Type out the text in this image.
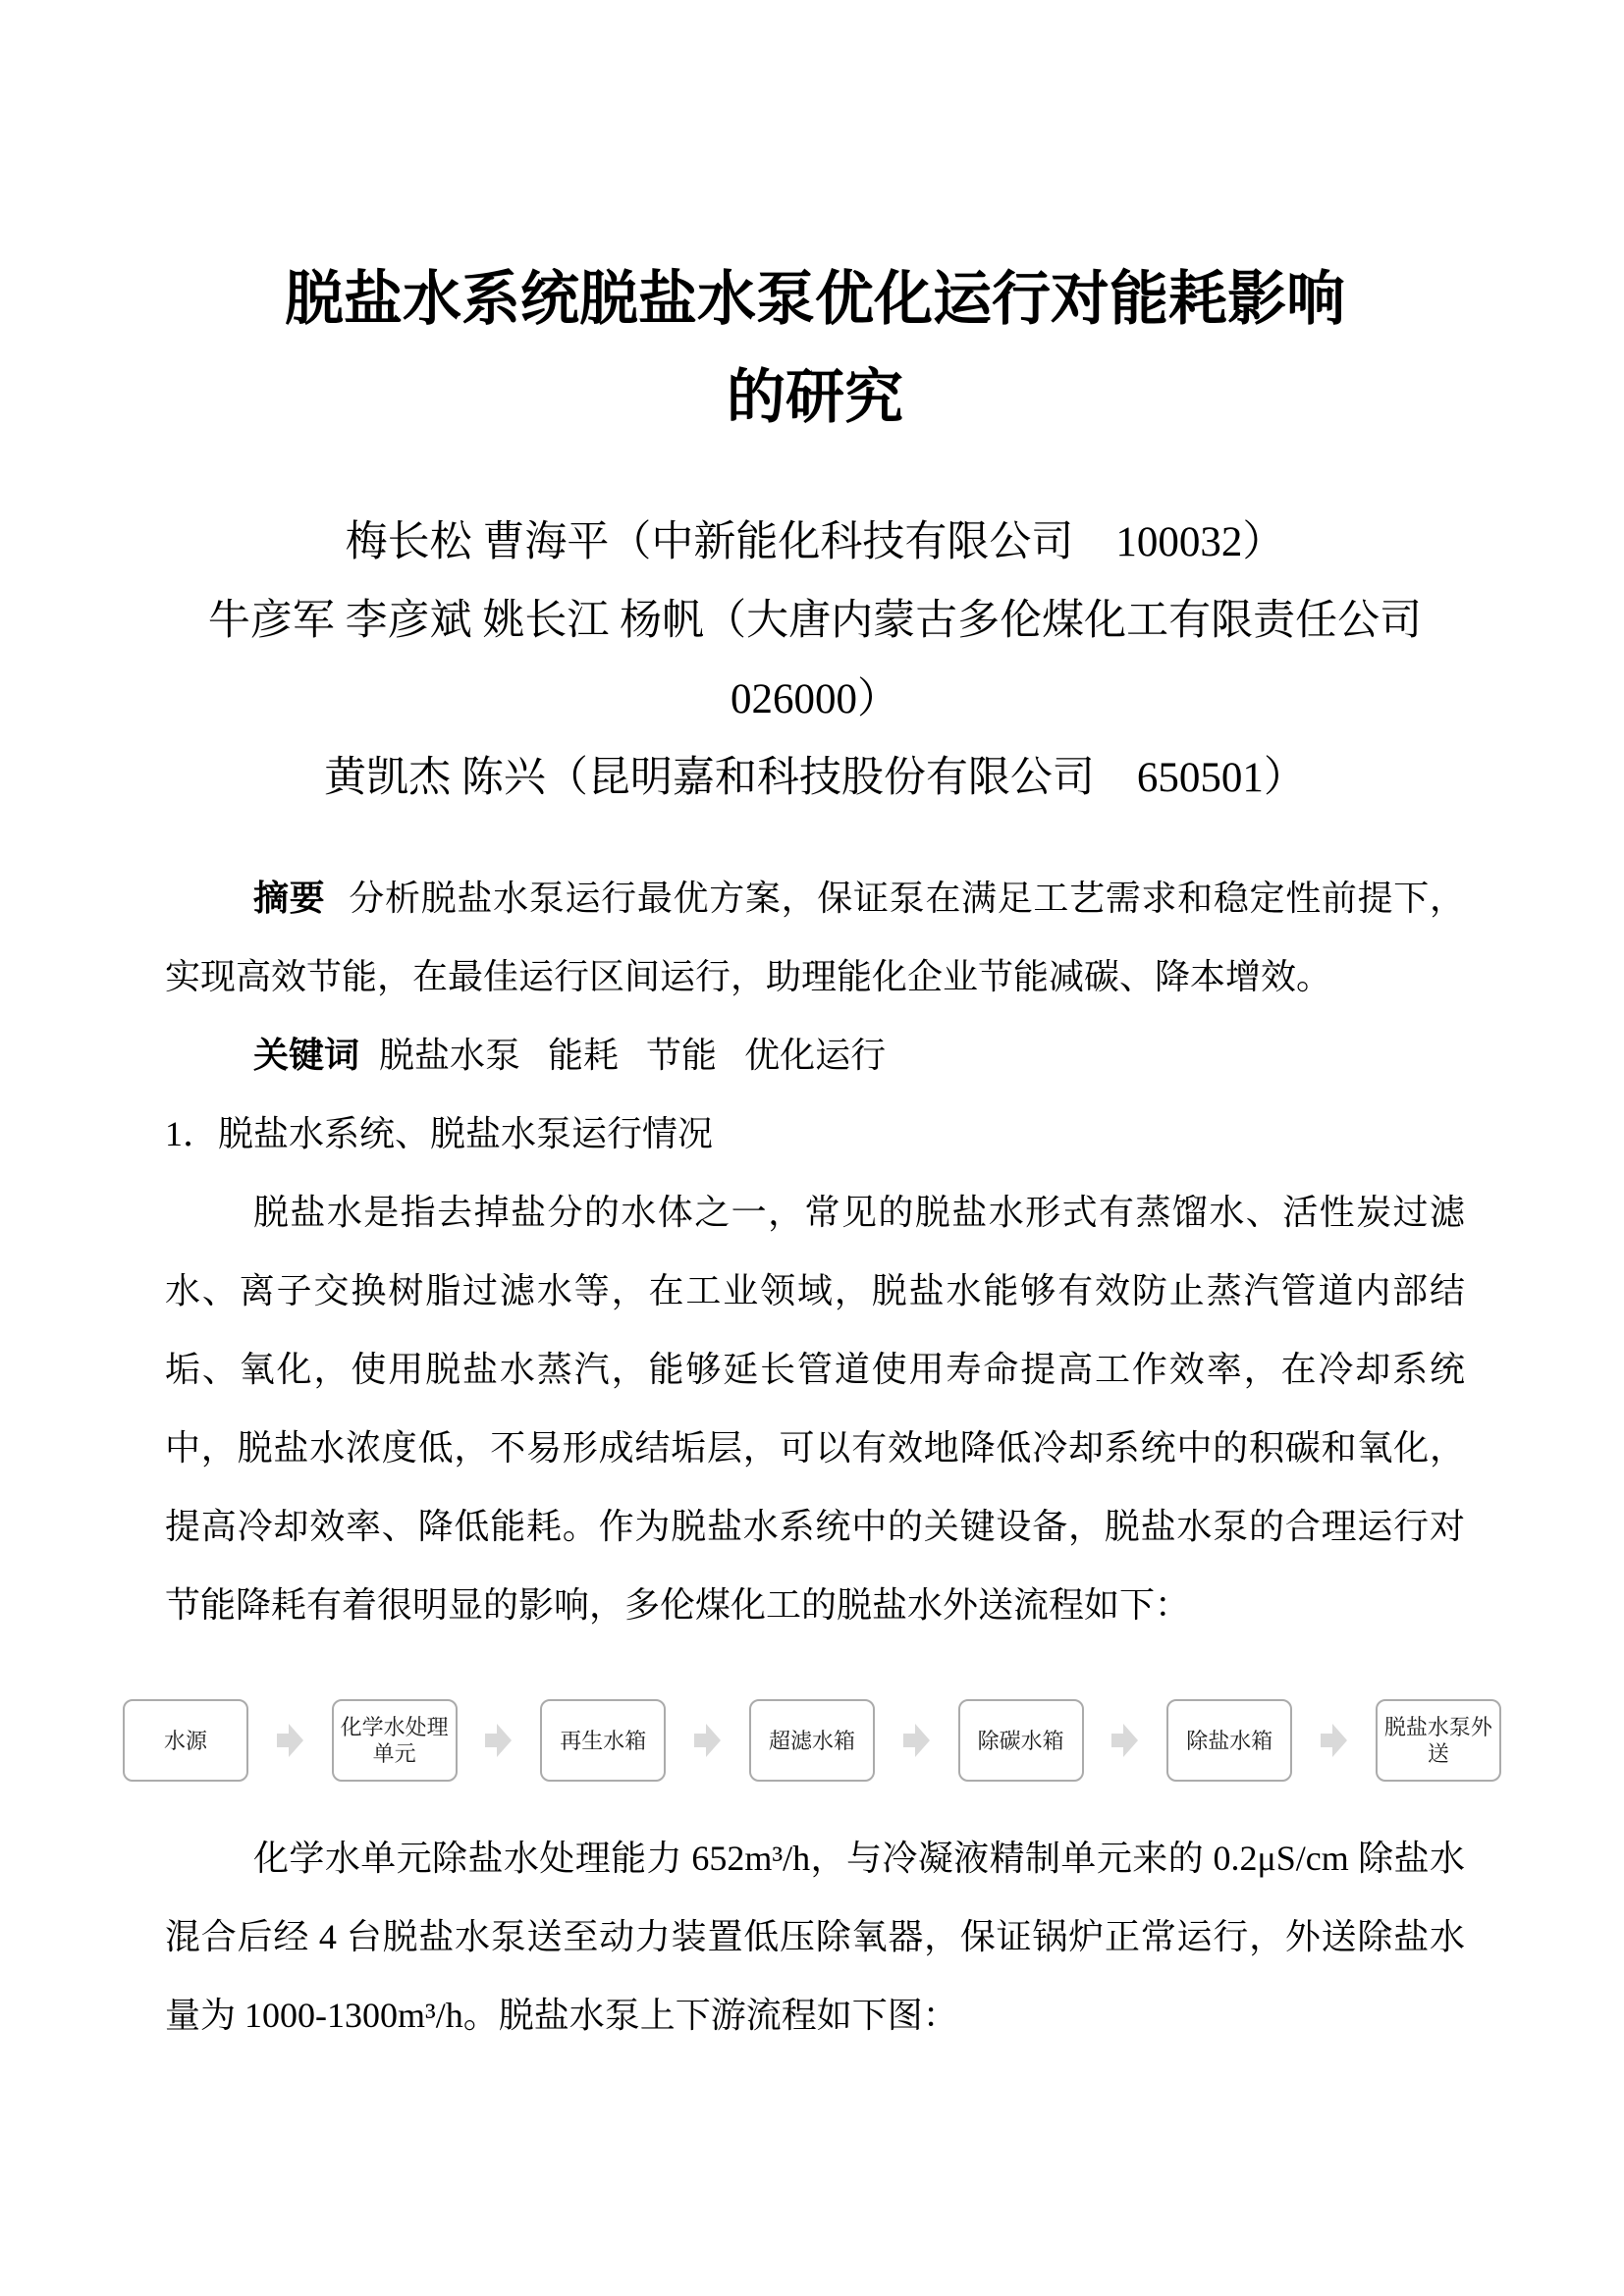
脱盐水系统脱盐水泵优化运行对能耗影响
的研究
梅长松 曹海平（中新能化科技有限公司　100032）
牛彦军 李彦斌 姚长江 杨帆（大唐内蒙古多伦煤化工有限责任公司
026000）
黄凯杰 陈兴（昆明嘉和科技股份有限公司　650501）

摘要 分析脱盐水泵运行最优方案，保证泵在满足工艺需求和稳定性前提下，实现高效节能，在最佳运行区间运行，助理能化企业节能减碳、降本增效。

关键词 脱盐水泵 能耗 节能 优化运行

1．脱盐水系统、脱盐水泵运行情况

脱盐水是指去掉盐分的水体之一，常见的脱盐水形式有蒸馏水、活性炭过滤水、离子交换树脂过滤水等，在工业领域，脱盐水能够有效防止蒸汽管道内部结垢、氧化，使用脱盐水蒸汽，能够延长管道使用寿命提高工作效率，在冷却系统中，脱盐水浓度低，不易形成结垢层，可以有效地降低冷却系统中的积碳和氧化，提高冷却效率、降低能耗。作为脱盐水系统中的关键设备，脱盐水泵的合理运行对节能降耗有着很明显的影响，多伦煤化工的脱盐水外送流程如下：

水源
化学水处理单元
再生水箱	超滤水箱	除碳水箱	除盐水箱
脱盐水泵外送

化学水单元除盐水处理能力 652m³/h，与冷凝液精制单元来的 0.2μS/cm 除盐水混合后经 4 台脱盐水泵送至动力装置低压除氧器，保证锅炉正常运行，外送除盐水量为 1000-1300m³/h。脱盐水泵上下游流程如下图：
